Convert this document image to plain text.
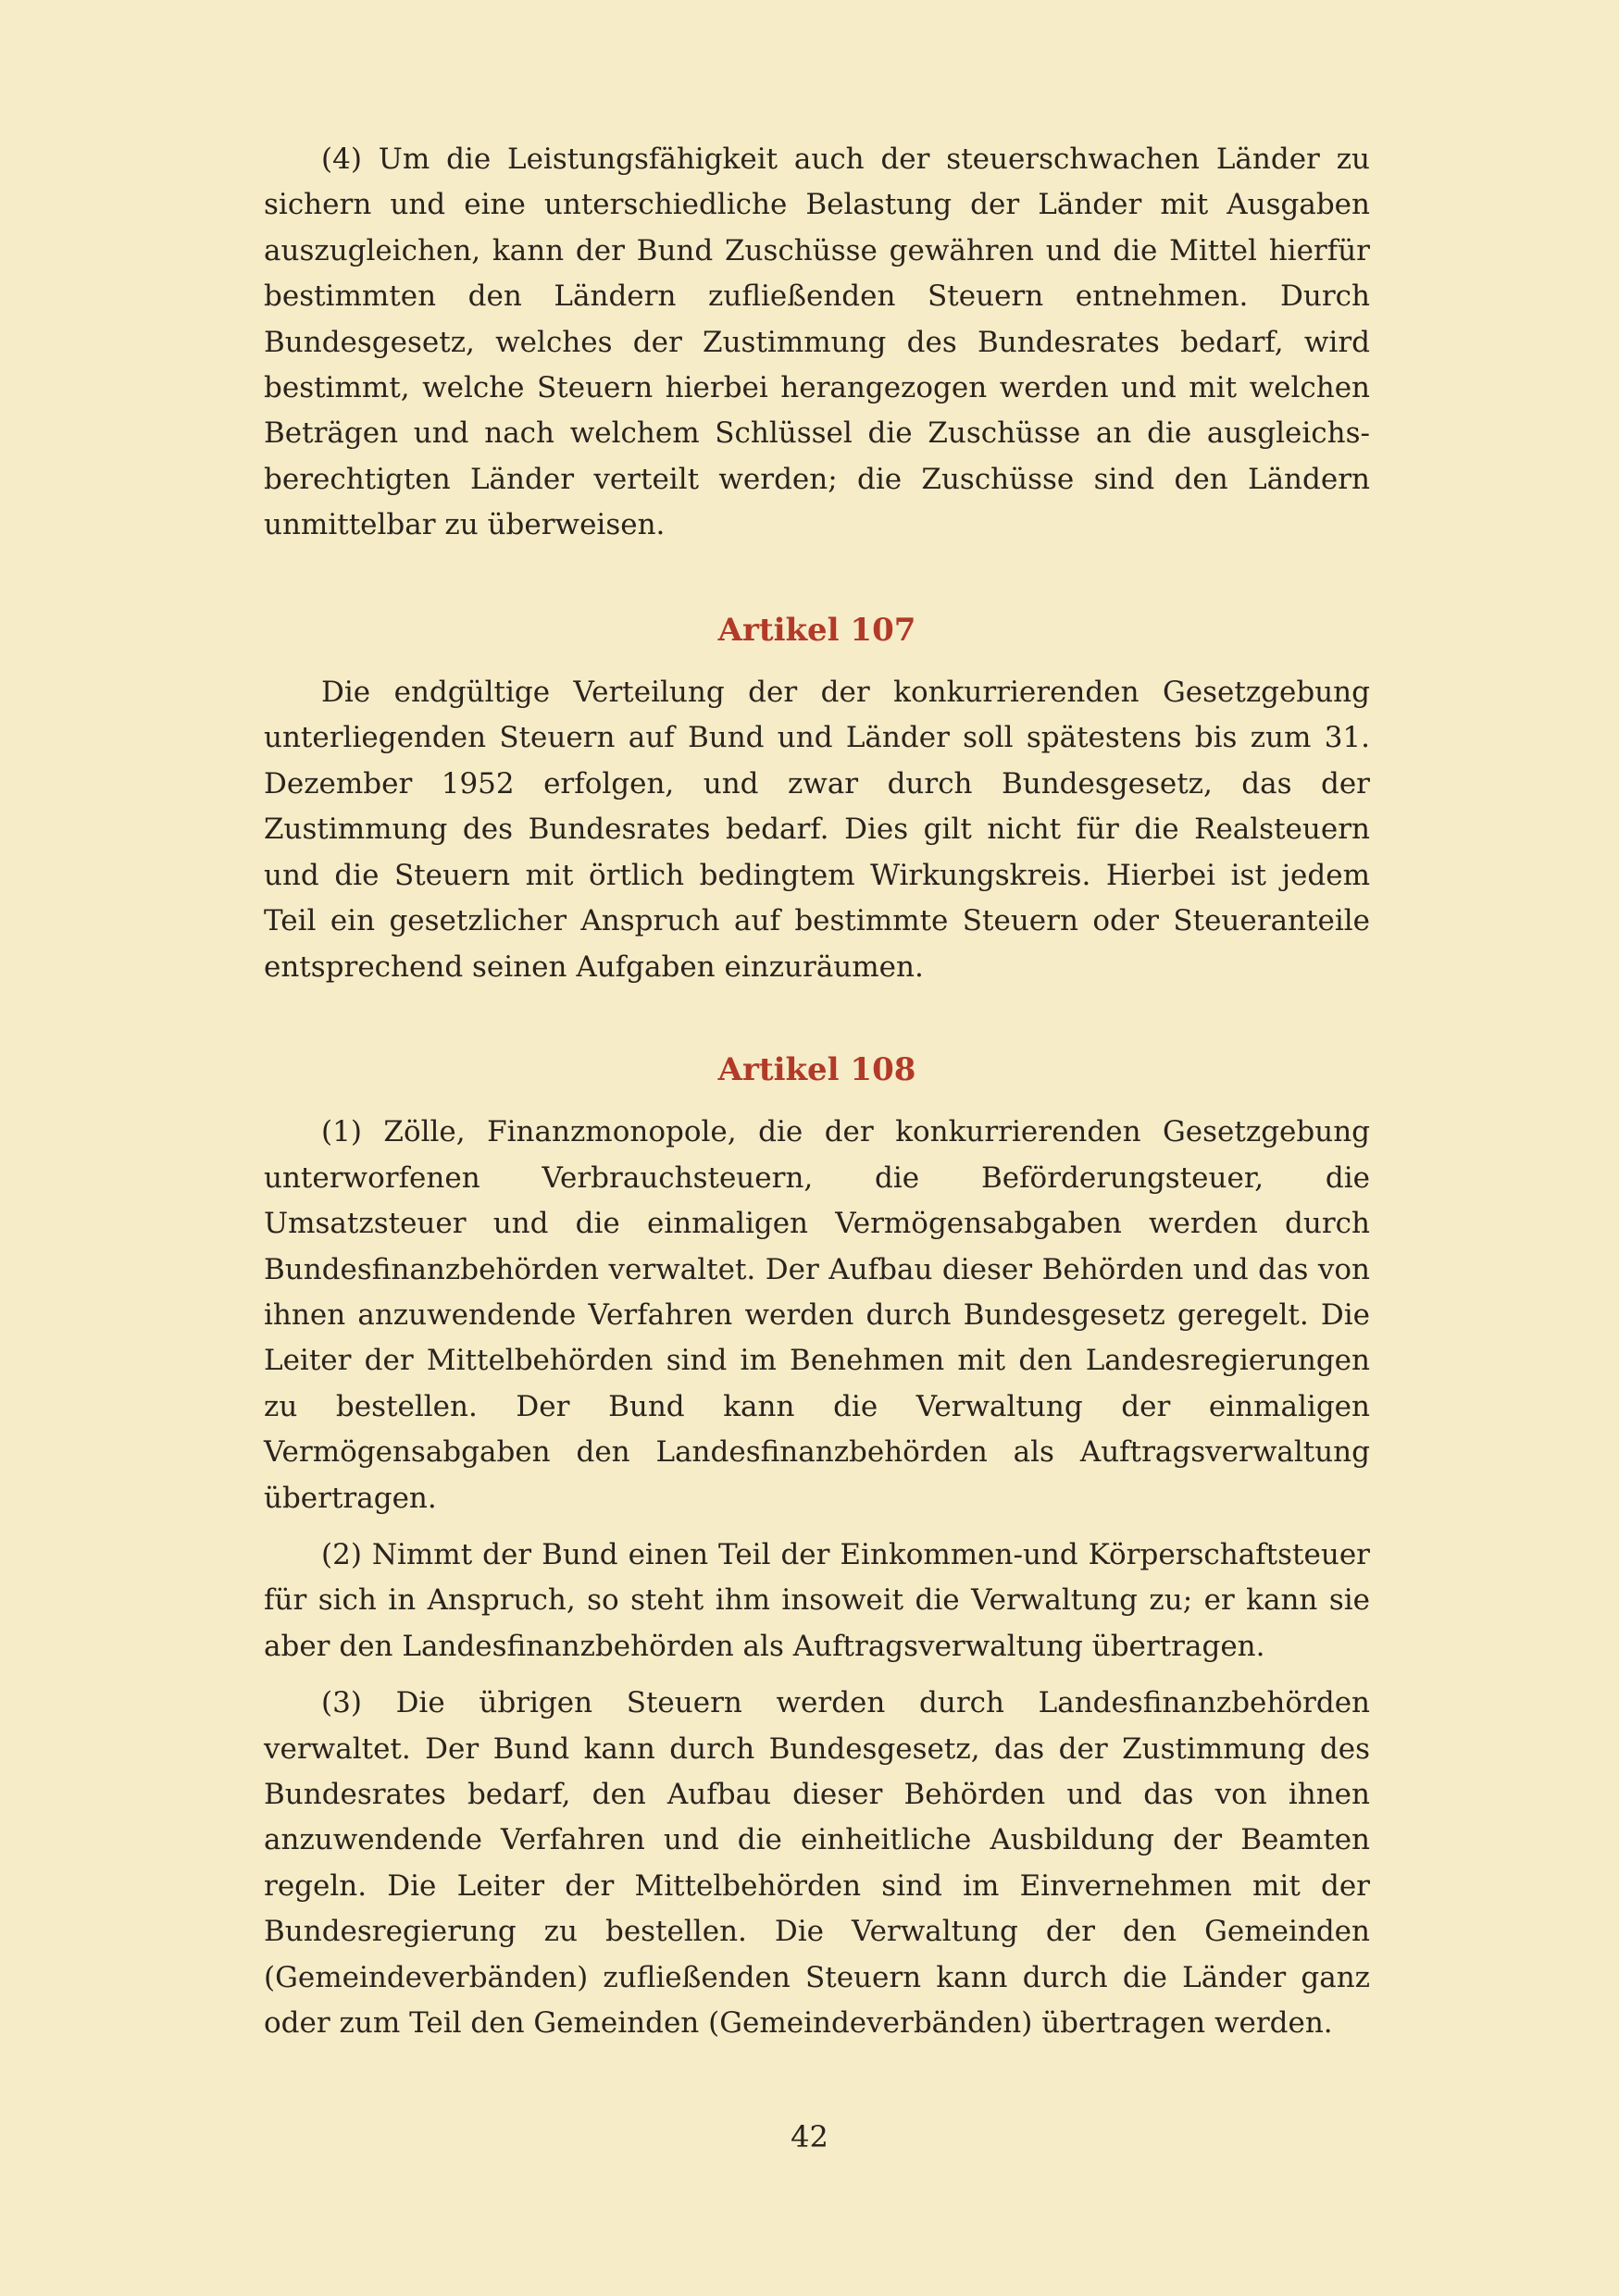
(4) Um die Leistungsfähigkeit auch der steuerschwachen Länder zu sichern und eine unterschiedliche Belastung der Länder mit Ausgaben auszugleichen, kann der Bund Zuschüsse gewähren und die Mittel hierfür bestimmten den Ländern zufließenden Steuern entnehmen. Durch Bundesgesetz, welches der Zustimmung des Bundesrates bedarf, wird bestimmt, welche Steuern hierbei herangezogen werden und mit welchen Beträgen und nach welchem Schlüssel die Zuschüsse an die ausgleichsberechtigten Länder verteilt werden; die Zuschüsse sind den Ländern unmittelbar zu überweisen.

Artikel 107

Die endgültige Verteilung der der konkurrierenden Gesetzgebung unterliegenden Steuern auf Bund und Länder soll spätestens bis zum 31. Dezember 1952 erfolgen, und zwar durch Bundesgesetz, das der Zustimmung des Bundesrates bedarf. Dies gilt nicht für die Realsteuern und die Steuern mit örtlich bedingtem Wirkungskreis. Hierbei ist jedem Teil ein gesetzlicher Anspruch auf bestimmte Steuern oder Steueranteile entsprechend seinen Aufgaben einzuräumen.

Artikel 108

(1) Zölle, Finanzmonopole, die der konkurrierenden Gesetzgebung unterworfenen Verbrauchsteuern, die Beförderungsteuer, die Umsatzsteuer und die einmaligen Vermögensabgaben werden durch Bundesfinanzbehörden verwaltet. Der Aufbau dieser Behörden und das von ihnen anzuwendende Verfahren werden durch Bundesgesetz geregelt. Die Leiter der Mittelbehörden sind im Benehmen mit den Landesregierungen zu bestellen. Der Bund kann die Verwaltung der einmaligen Vermögensabgaben den Landesfinanzbehörden als Auftragsverwaltung übertragen.

(2) Nimmt der Bund einen Teil der Einkommen-und Körperschaftsteuer für sich in Anspruch, so steht ihm insoweit die Verwaltung zu; er kann sie aber den Landesfinanzbehörden als Auftragsverwaltung übertragen.

(3) Die übrigen Steuern werden durch Landesfinanzbehörden verwaltet. Der Bund kann durch Bundesgesetz, das der Zustimmung des Bundesrates bedarf, den Aufbau dieser Behörden und das von ihnen anzuwendende Verfahren und die einheitliche Ausbildung der Beamten regeln. Die Leiter der Mittelbehörden sind im Einvernehmen mit der Bundesregierung zu bestellen. Die Verwaltung der den Gemeinden (Gemeindeverbänden) zufließenden Steuern kann durch die Länder ganz oder zum Teil den Gemeinden (Gemeindeverbänden) übertragen werden.

42
